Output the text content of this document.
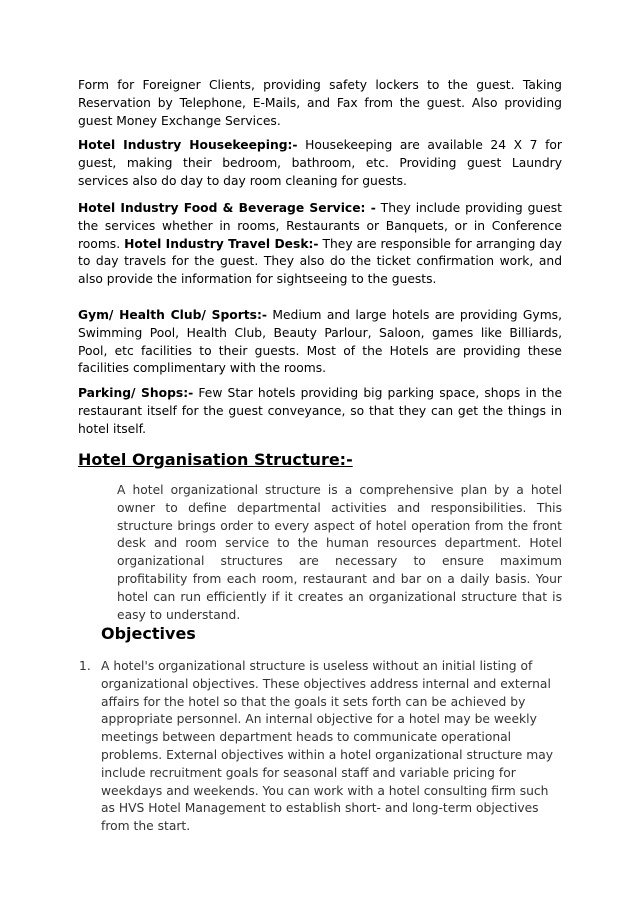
Form for Foreigner Clients, providing safety lockers to the guest. Taking Reservation by Telephone, E-Mails, and Fax from the guest. Also providing guest Money Exchange Services.

Hotel Industry Housekeeping:- Housekeeping are available 24 X 7 for guest, making their bedroom, bathroom, etc. Providing guest Laundry services also do day to day room cleaning for guests.

Hotel Industry Food & Beverage Service: - They include providing guest the services whether in rooms, Restaurants or Banquets, or in Conference rooms. Hotel Industry Travel Desk:- They are responsible for arranging day to day travels for the guest. They also do the ticket confirmation work, and also provide the information for sightseeing to the guests.

Gym/ Health Club/ Sports:- Medium and large hotels are providing Gyms, Swimming Pool, Health Club, Beauty Parlour, Saloon, games like Billiards, Pool, etc facilities to their guests. Most of the Hotels are providing these facilities complimentary with the rooms.

Parking/ Shops:- Few Star hotels providing big parking space, shops in the restaurant itself for the guest conveyance, so that they can get the things in hotel itself.

Hotel Organisation Structure:-

A hotel organizational structure is a comprehensive plan by a hotel owner to define departmental activities and responsibilities. This structure brings order to every aspect of hotel operation from the front desk and room service to the human resources department. Hotel organizational structures are necessary to ensure maximum profitability from each room, restaurant and bar on a daily basis. Your hotel can run efficiently if it creates an organizational structure that is easy to understand.

Objectives
1. A hotel's organizational structure is useless without an initial listing of organizational objectives. These objectives address internal and external affairs for the hotel so that the goals it sets forth can be achieved by appropriate personnel. An internal objective for a hotel may be weekly meetings between department heads to communicate operational problems. External objectives within a hotel organizational structure may include recruitment goals for seasonal staff and variable pricing for weekdays and weekends. You can work with a hotel consulting firm such as HVS Hotel Management to establish short- and long-term objectives from the start.
